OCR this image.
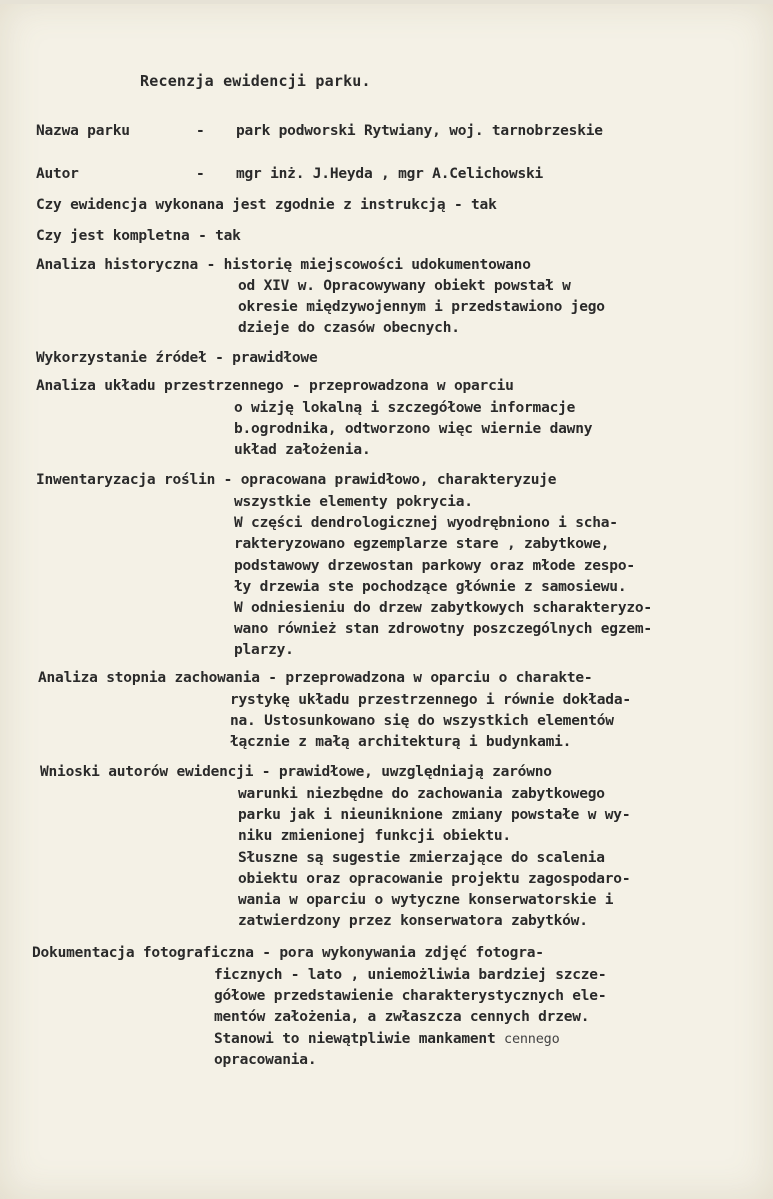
Recenzja ewidencji parku.
Nazwa parku	- park podworski Rytwiany, woj. tarnobrzeskie
Autor	- mgr inż. J.Heyda , mgr A.Celichowski
Czy ewidencja wykonana jest zgodnie z instrukcją - tak
Czy jest kompletna - tak
Analiza historyczna - historię miejscowości udokumentowano
od XIV w. Opracowywany obiekt powstał w
okresie międzywojennym i przedstawiono jego
dzieje do czasów obecnych.
Wykorzystanie źródeł - prawidłowe
Analiza układu przestrzennego - przeprowadzona w oparciu
o wizję lokalną i szczegółowe informacje
b.ogrodnika, odtworzono więc wiernie dawny
układ założenia.
Inwentaryzacja roślin - opracowana prawidłowo, charakteryzuje
wszystkie elementy pokrycia.
W części dendrologicznej wyodrębniono i scha-
rakteryzowano egzemplarze stare , zabytkowe,
podstawowy drzewostan parkowy oraz młode zespo-
ły drzewia ste pochodzące głównie z samosiewu.
W odniesieniu do drzew zabytkowych scharakteryzo-
wano również stan zdrowotny poszczególnych egzem-
plarzy.
Analiza stopnia zachowania - przeprowadzona w oparciu o charakte-
rystykę układu przestrzennego i równie dokłada-
na. Ustosunkowano się do wszystkich elementów
łącznie z małą architekturą i budynkami.
Wnioski autorów ewidencji - prawidłowe, uwzględniają zarówno
warunki niezbędne do zachowania zabytkowego
parku jak i nieuniknione zmiany powstałe w wy-
niku zmienionej funkcji obiektu.
Słuszne są sugestie zmierzające do scalenia
obiektu oraz opracowanie projektu zagospodaro-
wania w oparciu o wytyczne konserwatorskie i
zatwierdzony przez konserwatora zabytków.
Dokumentacja fotograficzna - pora wykonywania zdjęć fotogra-
ficznych - lato , uniemożliwia bardziej szcze-
gółowe przedstawienie charakterystycznych ele-
mentów założenia, a zwłaszcza cennych drzew.
Stanowi to niewątpliwie mankament cennego
opracowania.
